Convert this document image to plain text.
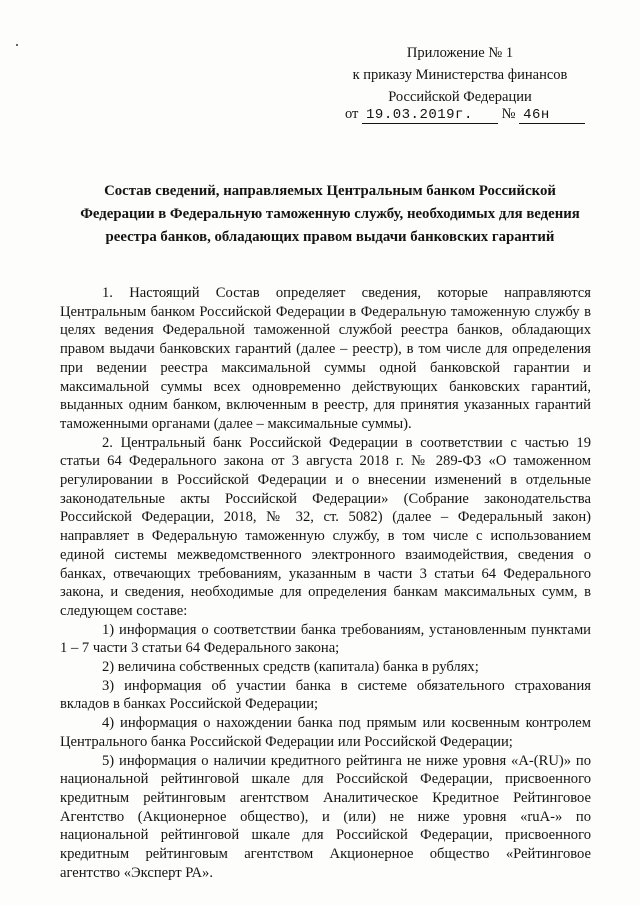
Приложение № 1
к приказу Министерства финансов
Российской Федерации
от 19.03.2019г. № 46н
Состав сведений, направляемых Центральным банком Российской
Федерации в Федеральную таможенную службу, необходимых для ведения
реестра банков, обладающих правом выдачи банковских гарантий

1. Настоящий Состав определяет сведения, которые направляются Центральным банком Российской Федерации в Федеральную таможенную службу в целях ведения Федеральной таможенной службой реестра банков, обладающих правом выдачи банковских гарантий (далее – реестр), в том числе для определения при ведении реестра максимальной суммы одной банковской гарантии и максимальной суммы всех одновременно действующих банковских гарантий, выданных одним банком, включенным в реестр, для принятия указанных гарантий таможенными органами (далее – максимальные суммы).

2. Центральный банк Российской Федерации в соответствии с частью 19 статьи 64 Федерального закона от 3 августа 2018 г. № 289-ФЗ «О таможенном регулировании в Российской Федерации и о внесении изменений в отдельные законодательные акты Российской Федерации» (Собрание законодательства Российской Федерации, 2018, № 32, ст. 5082) (далее – Федеральный закон) направляет в Федеральную таможенную службу, в том числе с использованием единой системы межведомственного электронного взаимодействия, сведения о банках, отвечающих требованиям, указанным в части 3 статьи 64 Федерального закона, и сведения, необходимые для определения банкам максимальных сумм, в следующем составе:

1) информация о соответствии банка требованиям, установленным пунктами 1 – 7 части 3 статьи 64 Федерального закона;

2) величина собственных средств (капитала) банка в рублях;

3) информация об участии банка в системе обязательного страхования вкладов в банках Российской Федерации;

4) информация о нахождении банка под прямым или косвенным контролем Центрального банка Российской Федерации или Российской Федерации;

5) информация о наличии кредитного рейтинга не ниже уровня «A-(RU)» по национальной рейтинговой шкале для Российской Федерации, присвоенного кредитным рейтинговым агентством Аналитическое Кредитное Рейтинговое Агентство (Акционерное общество), и (или) не ниже уровня «ruA-» по национальной рейтинговой шкале для Российской Федерации, присвоенного кредитным рейтинговым агентством Акционерное общество «Рейтинговое агентство «Эксперт РА».
